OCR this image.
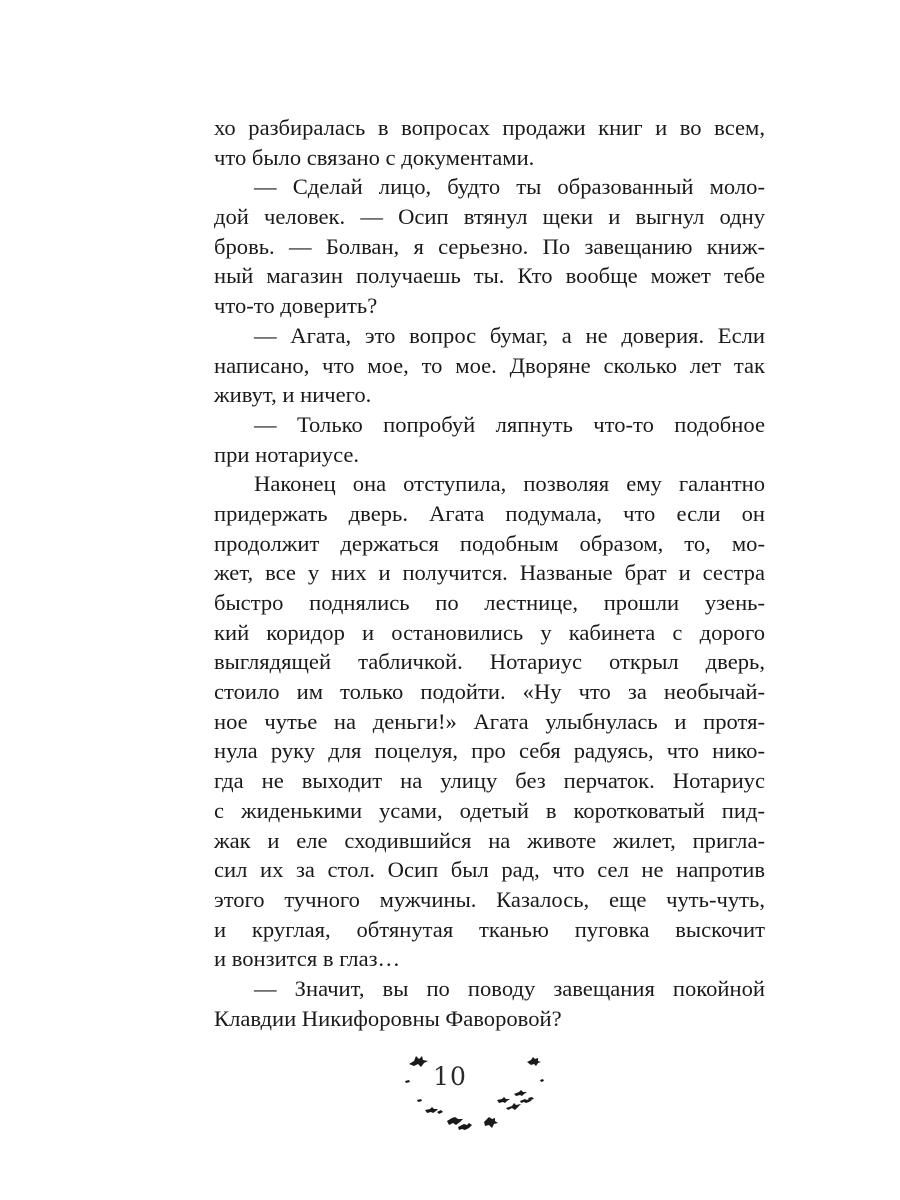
хо разбиралась в вопросах продажи книг и во всем,
что было связано с документами.
— Сделай лицо, будто ты образованный моло-
дой человек. — Осип втянул щеки и выгнул одну
бровь. — Болван, я серьезно. По завещанию книж-
ный магазин получаешь ты. Кто вообще может тебе
что-то доверить?
— Агата, это вопрос бумаг, а не доверия. Если
написано, что мое, то мое. Дворяне сколько лет так
живут, и ничего.
— Только попробуй ляпнуть что-то подобное
при нотариусе.
Наконец она отступила, позволяя ему галантно
придержать дверь. Агата подумала, что если он
продолжит держаться подобным образом, то, мо-
жет, все у них и получится. Названые брат и сестра
быстро поднялись по лестнице, прошли узень-
кий коридор и остановились у кабинета с дорого
выглядящей табличкой. Нотариус открыл дверь,
стоило им только подойти. «Ну что за необычай-
ное чутье на деньги!» Агата улыбнулась и протя-
нула руку для поцелуя, про себя радуясь, что нико-
гда не выходит на улицу без перчаток. Нотариус
с жиденькими усами, одетый в коротковатый пид-
жак и еле сходившийся на животе жилет, пригла-
сил их за стол. Осип был рад, что сел не напротив
этого тучного мужчины. Казалось, еще чуть-чуть,
и круглая, обтянутая тканью пуговка выскочит
и вонзится в глаз…
— Значит, вы по поводу завещания покойной
Клавдии Никифоровны Фаворовой?
10
